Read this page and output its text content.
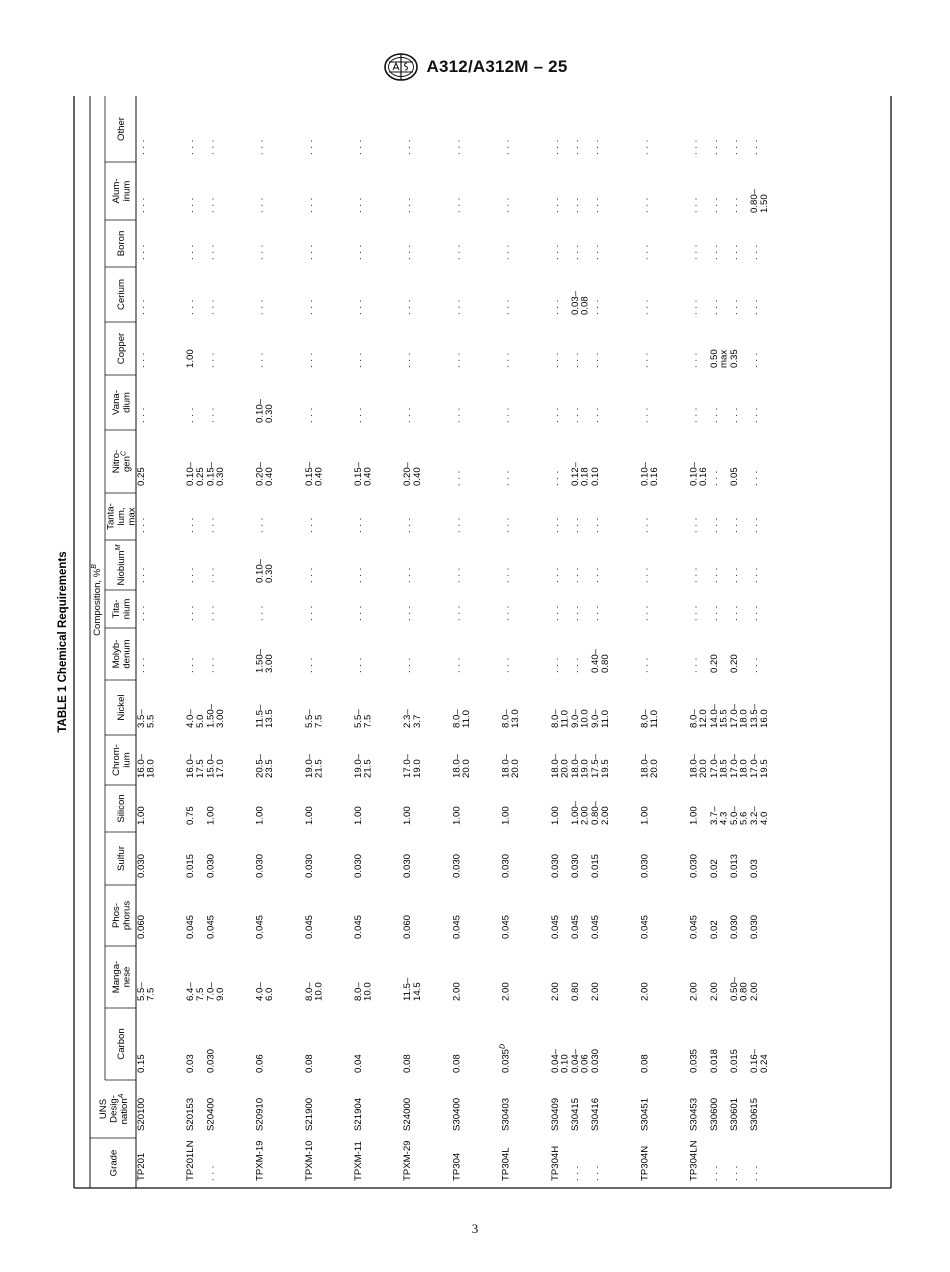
A312/A312M – 25
TABLE 1 Chemical Requirements Composition, %$^B$
Grade
UNS Desig- nation$^A$
Carbon
Manga- nese
Phos- phorus
Sulfur
Silicon
Chrom- ium
Nickel
Molyb- denum
Tita- nium
Niobium$^M$
Tanta- lum, max
Nitro- gen$^C$
Vana- dium
Copper
Cerium
Boron
Alum- inum
Other
TP201
S20100
0.15
5.5–
7.5
0.060
0.030
1.00
16.0–
18.0
3.5–
5.5
. . .
. . .
. . .
. . .
0.25
. . .
. . .
. . .
. . .
. . .
. . .
TP201LN
S20153
0.03
6.4–
7.5
0.045
0.015
0.75
16.0–
17.5
4.0–
5.0
. . .
. . .
. . .
. . .
0.10–
0.25
. . .
1.00
. . .
. . .
. . .
. . .
. . .
S20400
0.030
7.0–
9.0
0.045
0.030
1.00
15.0–
17.0
1.50–
3.00
. . .
. . .
. . .
. . .
0.15–
0.30
. . .
. . .
. . .
. . .
. . .
. . .
TPXM-19
S20910
0.06
4.0–
6.0
0.045
0.030
1.00
20.5–
23.5
11.5–
13.5
1.50–
3.00
. . .
0.10–
0.30
. . .
0.20–
0.40
0.10–
0.30
. . .
. . .
. . .
. . .
. . .
TPXM-10
S21900
0.08
8.0–
10.0
0.045
0.030
1.00
19.0–
21.5
5.5–
7.5
. . .
. . .
. . .
. . .
0.15–
0.40
. . .
. . .
. . .
. . .
. . .
. . .
TPXM-11
S21904
0.04
8.0–
10.0
0.045
0.030
1.00
19.0–
21.5
5.5–
7.5
. . .
. . .
. . .
. . .
0.15–
0.40
. . .
. . .
. . .
. . .
. . .
. . .
TPXM-29
S24000
0.08
11.5–
14.5
0.060
0.030
1.00
17.0–
19.0
2.3–
3.7
. . .
. . .
. . .
. . .
0.20–
0.40
. . .
. . .
. . .
. . .
. . .
. . .
TP304
S30400
0.08
2.00
0.045
0.030
1.00
18.0–
20.0
8.0–
11.0
. . .
. . .
. . .
. . .
. . .
. . .
. . .
. . .
. . .
. . .
. . .
TP304L
S30403
$0.035^D$
2.00
0.045
0.030
1.00
18.0–
20.0
8.0–
13.0
. . .
. . .
. . .
. . .
. . .
. . .
. . .
. . .
. . .
. . .
. . .
TP304H
S30409
0.04–
0.10
2.00
0.045
0.030
1.00
18.0–
20.0
8.0–
11.0
. . .
. . .
. . .
. . .
. . .
. . .
. . .
. . .
. . .
. . .
. . .
. . .
S30415
0.04–
0.06
0.80
0.045
0.030
1.00–
2.00
18.0–
19.0
9.0–
10.0
. . .
. . .
. . .
. . .
0.12–
0.18
. . .
. . .
0.03–
0.08
. . .
. . .
. . .
. . .
S30416
0.030
2.00
0.045
0.015
0.80–
2.00
17.5–
19.5
9.0–
11.0
0.40–
0.80
. . .
. . .
. . .
0.10
. . .
. . .
. . .
. . .
. . .
. . .
TP304N
S30451
0.08
2.00
0.045
0.030
1.00
18.0–
20.0
8.0–
11.0
. . .
. . .
. . .
. . .
0.10–
0.16
. . .
. . .
. . .
. . .
. . .
. . .
TP304LN
S30453
0.035
2.00
0.045
0.030
1.00
18.0–
20.0
8.0–
12.0
. . .
. . .
. . .
. . .
0.10–
0.16
. . .
. . .
. . .
. . .
. . .
. . .
. . .
S30600
0.018
2.00
0.02
0.02
3.7–
4.3
17.0–
18.5
14.0–
15.5
0.20
. . .
. . .
. . .
. . .
. . .
0.50
max
. . .
. . .
. . .
. . .
. . .
S30601
0.015
0.50–
0.80
0.030
0.013
5.0–
5.6
17.0–
18.0
17.0–
18.0
0.20
. . .
. . .
. . .
0.05
. . .
0.35
. . .
. . .
. . .
. . .
. . .
S30615
0.16–
0.24
2.00
0.030
0.03
3.2–
4.0
17.0–
19.5
13.5–
16.0
. . .
. . .
. . .
. . .
. . .
. . .
. . .
. . .
. . .
0.80–
1.50
. . .
3
